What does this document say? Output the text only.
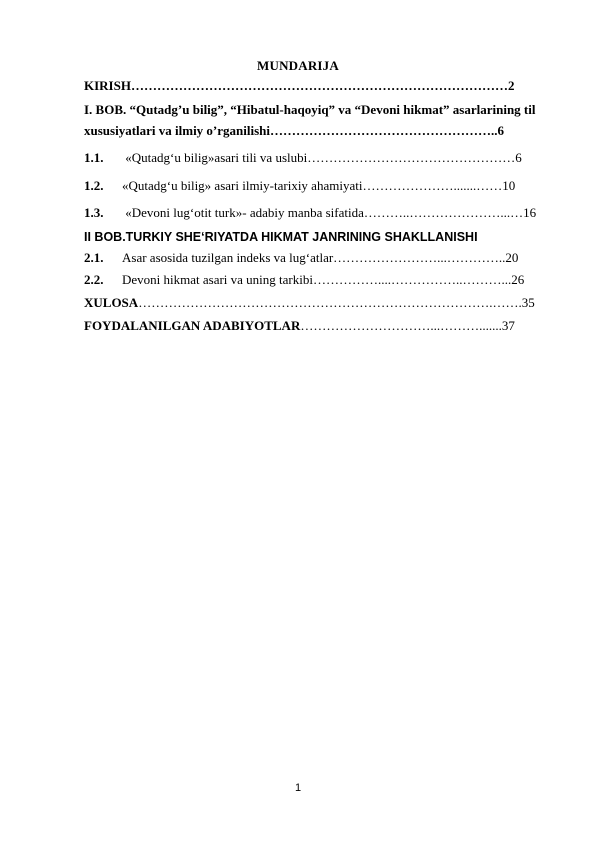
MUNDARIJA
KIRISH……………………………………………………………………………2
I. BOB. “Qutadg’u bilig”, “Hibatul-haqoyiq” va “Devoni hikmat” asarlarining til xususiyatlari va ilmiy o’rganilishi……………………………………………..6
1.1. «Qutadg‘u bilig»asari tili va uslubi…………………………………………6
1.2. «Qutadg‘u bilig» asari ilmiy-tarixiy ahamiyati………………….......……10
1.3. «Devoni lug‘otit turk»- adabiy manba sifatida………..…………………...…16
II BOB.TURKIY SHE‘RIYATDA HIKMAT JANRINING SHAKLLANISHI
2.1. Asar asosida tuzilgan indeks va lug‘atlar……………………...…………..20
2.2. Devoni hikmat asari va uning tarkibi……………....……………..………...26
XULOSA……………………………………………………………………….…….35
FOYDALANILGAN ADABIYOTLAR…………………………...……….......37
1
